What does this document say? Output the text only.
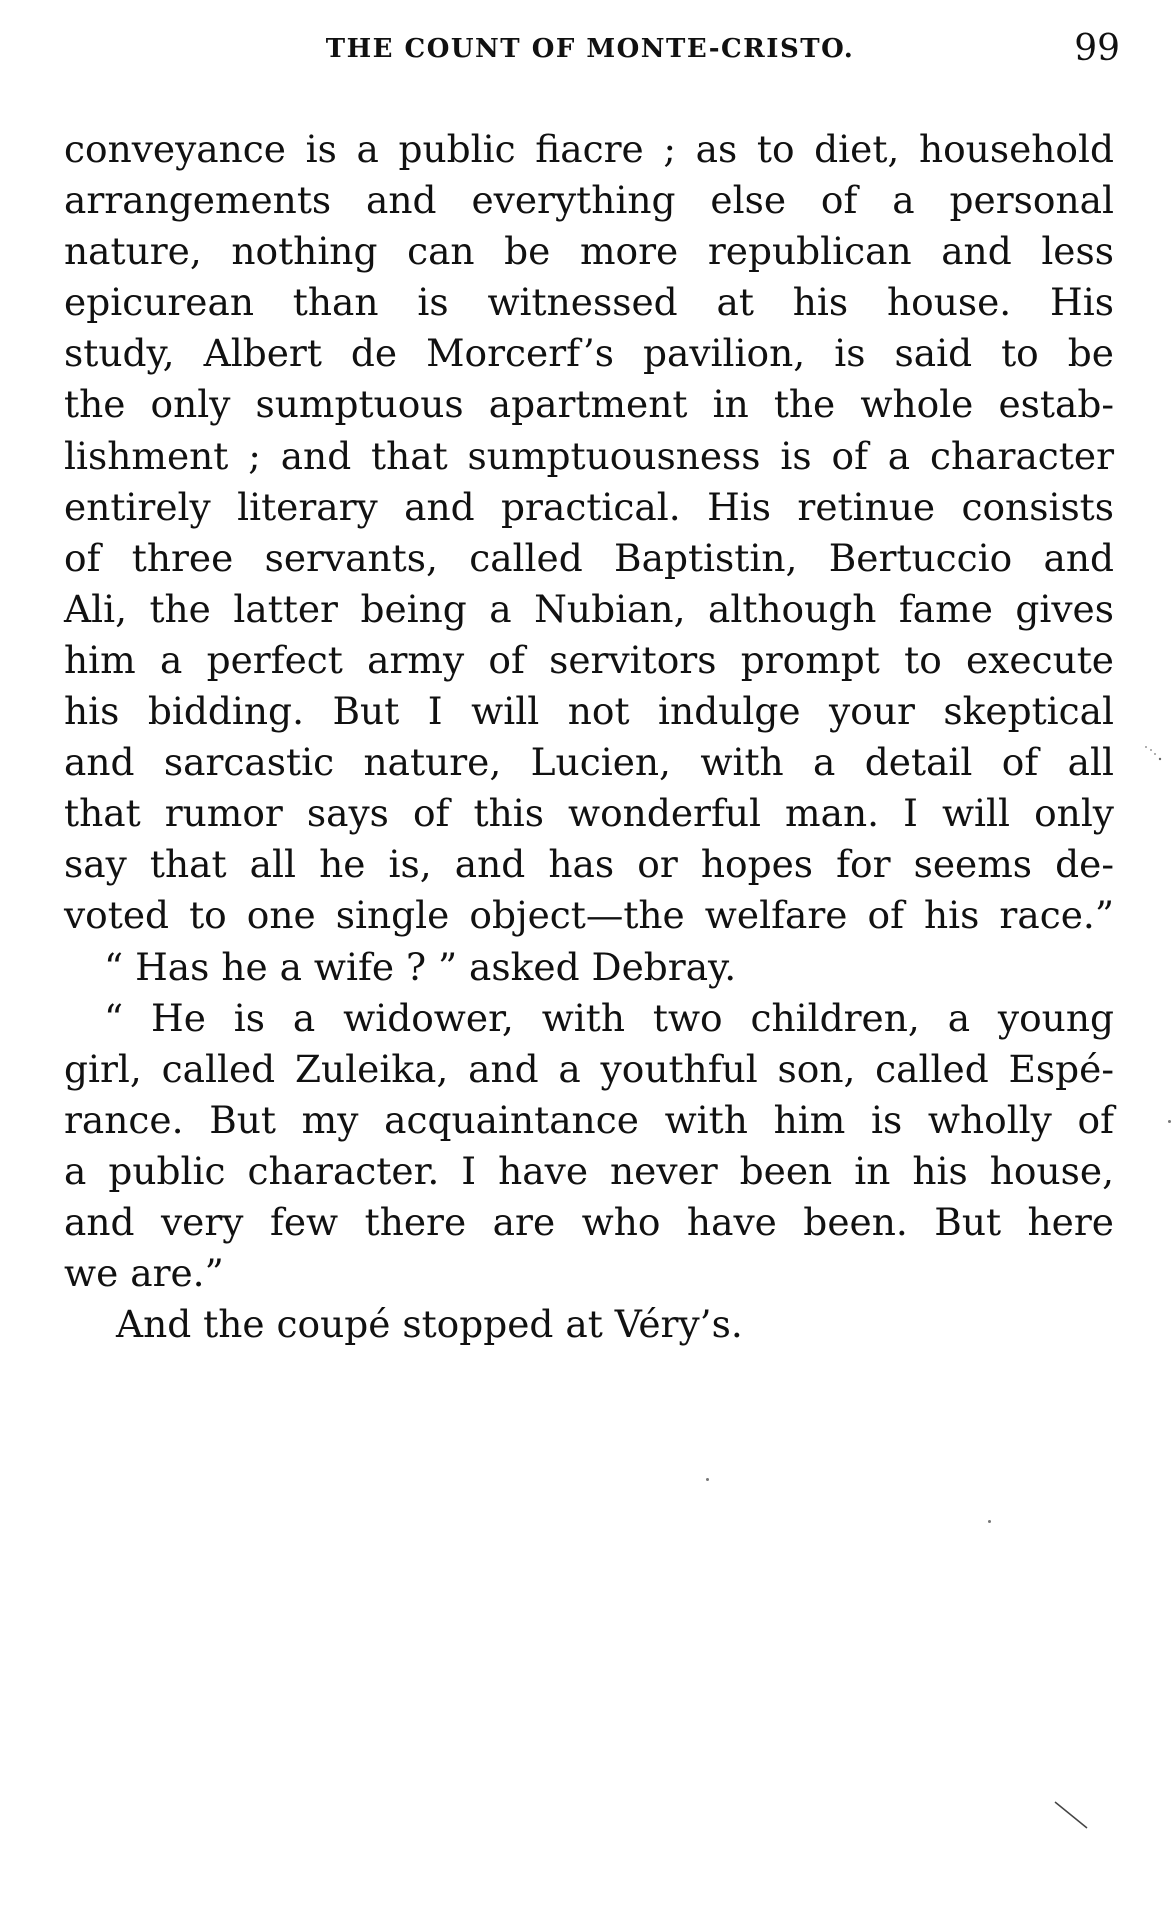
THE COUNT OF MONTE-CRISTO.	99
conveyance is a public fiacre ; as to diet, household
arrangements and everything else of a personal
nature, nothing can be more republican and less
epicurean than is witnessed at his house. His
study, Albert de Morcerf’s pavilion, is said to be
the only sumptuous apartment in the whole estab-
lishment ; and that sumptuousness is of a character
entirely literary and practical. His retinue consists
of three servants, called Baptistin, Bertuccio and
Ali, the latter being a Nubian, although fame gives
him a perfect army of servitors prompt to execute
his bidding. But I will not indulge your skeptical
and sarcastic nature, Lucien, with a detail of all
that rumor says of this wonderful man. I will only
say that all he is, and has or hopes for seems de-
voted to one single object—the welfare of his race.”
“ Has he a wife ? ” asked Debray.
“ He is a widower, with two children, a young
girl, called Zuleika, and a youthful son, called Espé-
rance. But my acquaintance with him is wholly of
a public character. I have never been in his house,
and very few there are who have been. But here
we are.”
And the coupé stopped at Véry’s.
